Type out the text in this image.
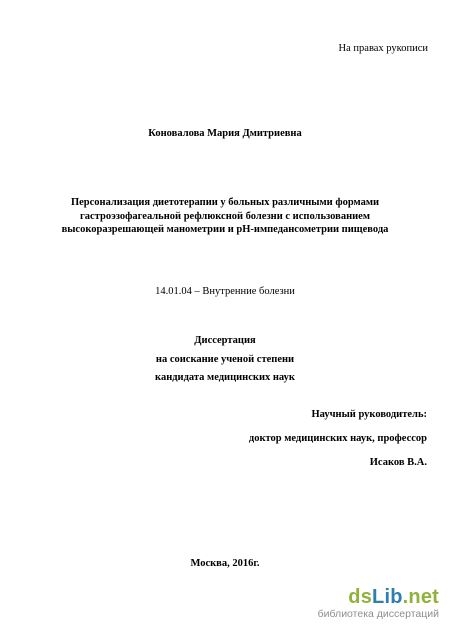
На правах рукописи
Коновалова Мария Дмитриевна
Персонализация диетотерапии у больных различными формами
гастроэзофагеальной рефлюксной болезни с использованием
высокоразрешающей манометрии и рН-импедансометрии пищевода
14.01.04 – Внутренние болезни
Диссертация
на соискание ученой степени
кандидата медицинских наук
Научный руководитель:
доктор медицинских наук, профессор
Исаков В.А.
Москва, 2016г.
dsLib.net
библиотека диссертаций
